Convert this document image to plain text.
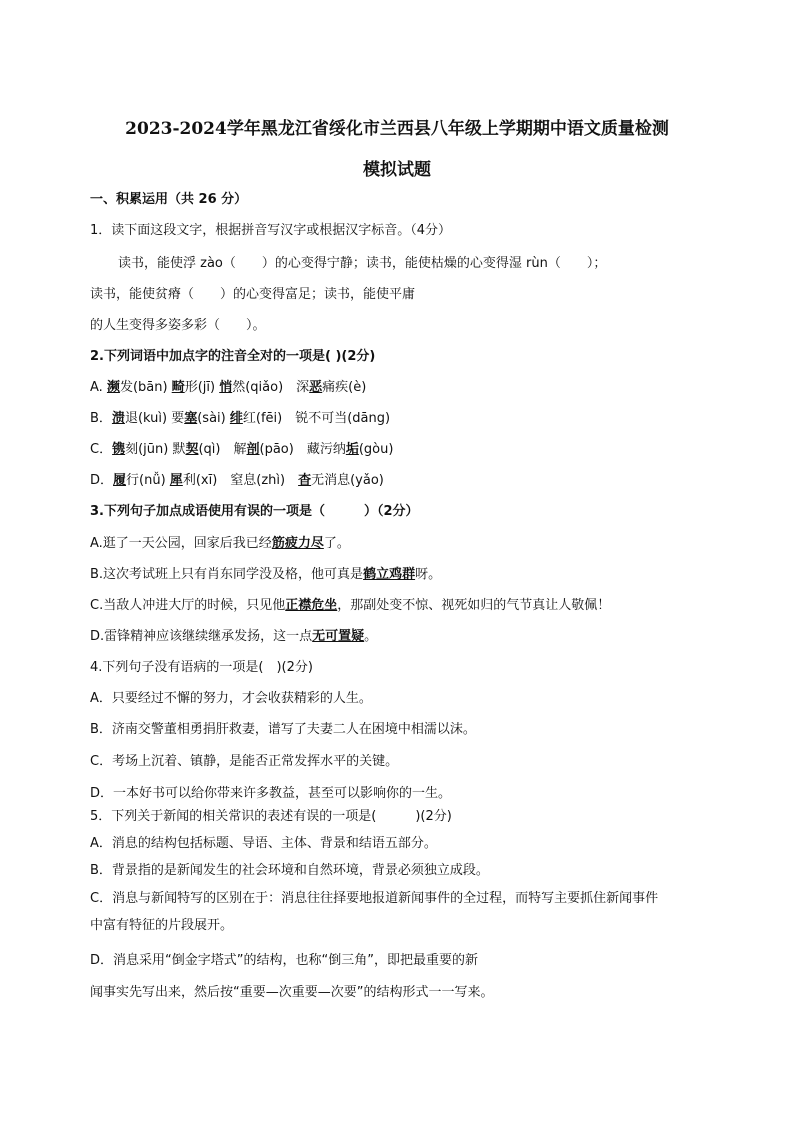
2023-2024学年黑龙江省绥化市兰西县八年级上学期期中语文质量检测
模拟试题
一、积累运用（共 26 分）
1．读下面这段文字，根据拼音写汉字或根据汉字标音。（4分）
读书，能使浮 zào（　　）的心变得宁静；读书，能使枯燥的心变得湿 rùn（　　）；
读书，能使贫瘠（　　）的心变得富足；读书，能使平庸
的人生变得多姿多彩（　　）。
2.下列词语中加点字的注音全对的一项是( )(2分)
A. 濒发(bān) 畸形(jī) 悄然(qiǎo)　深恶痛疾(è)
B．溃退(kuì) 要塞(sài) 绯红(fēi)　锐不可当(dāng)
C．镌刻(jūn) 默契(qì)　解剖(pāo)　藏污纳垢(gòu)
D．履行(nǚ) 犀利(xī)　窒息(zhì)　杳无消息(yǎo)
3.下列句子加点成语使用有误的一项是（　　　）（2分）
A.逛了一天公园，回家后我已经筋疲力尽了。
B.这次考试班上只有肖东同学没及格，他可真是鹤立鸡群呀。
C.当敌人冲进大厅的时候，只见他正襟危坐，那副处变不惊、视死如归的气节真让人敬佩！
D.雷锋精神应该继续继承发扬，这一点无可置疑。
4.下列句子没有语病的一项是(　)(2分)
A．只要经过不懈的努力，才会收获精彩的人生。
B．济南交警董相勇捐肝救妻，谱写了夫妻二人在困境中相濡以沫。
C．考场上沉着、镇静，是能否正常发挥水平的关键。
D．一本好书可以给你带来许多教益，甚至可以影响你的一生。
5．下列关于新闻的相关常识的表述有误的一项是(　　　)(2分)
A．消息的结构包括标题、导语、主体、背景和结语五部分。
B．背景指的是新闻发生的社会环境和自然环境，背景必须独立成段。
C．消息与新闻特写的区别在于：消息往往择要地报道新闻事件的全过程，而特写主要抓住新闻事件
中富有特征的片段展开。
D．消息采用“倒金字塔式”的结构，也称“倒三角”，即把最重要的新
闻事实先写出来，然后按“重要—次重要—次要”的结构形式一一写来。
